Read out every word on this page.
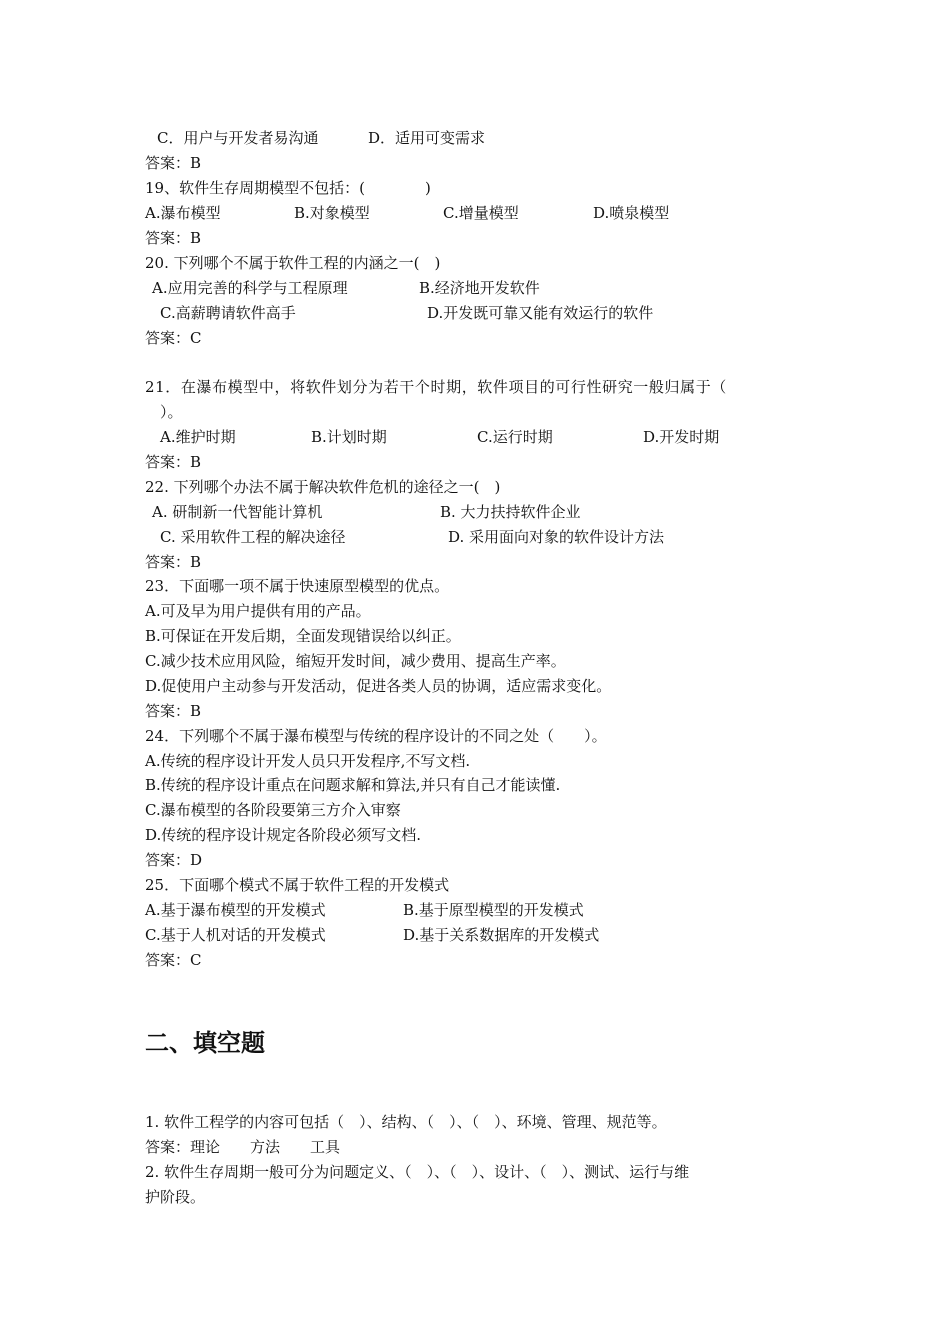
C．用户与开发者易沟通	D．适用可变需求
答案：B
19、软件生存周期模型不包括：(　　　　)
A.瀑布模型	B.对象模型	C.增量模型	D.喷泉模型
答案：B
20. 下列哪个不属于软件工程的内涵之一(　)
A.应用完善的科学与工程原理	B.经济地开发软件
C.高薪聘请软件高手	D.开发既可靠又能有效运行的软件
答案：C
21．在瀑布模型中，将软件划分为若干个时期，软件项目的可行性研究一般归属于（
）。
A.维护时期	B.计划时期	C.运行时期	D.开发时期
答案：B
22. 下列哪个办法不属于解决软件危机的途径之一(　)
A. 研制新一代智能计算机	B. 大力扶持软件企业
C. 采用软件工程的解决途径	D. 采用面向对象的软件设计方法
答案：B
23．下面哪一项不属于快速原型模型的优点。
A.可及早为用户提供有用的产品。
B.可保证在开发后期，全面发现错误给以纠正。
C.减少技术应用风险，缩短开发时间，减少费用、提高生产率。
D.促使用户主动参与开发活动，促进各类人员的协调，适应需求变化。
答案：B
24．下列哪个不属于瀑布模型与传统的程序设计的不同之处（　　）。
A.传统的程序设计开发人员只开发程序,不写文档.
B.传统的程序设计重点在问题求解和算法,并只有自己才能读懂.
C.瀑布模型的各阶段要第三方介入审察
D.传统的程序设计规定各阶段必须写文档.
答案：D
25．下面哪个模式不属于软件工程的开发模式
A.基于瀑布模型的开发模式	B.基于原型模型的开发模式
C.基于人机对话的开发模式	D.基于关系数据库的开发模式
答案：C
二、填空题
1. 软件工程学的内容可包括（　）、结构、（　）、（　）、环境、管理、规范等。
答案：理论　　方法　　工具
2. 软件生存周期一般可分为问题定义、（　）、（　）、设计、（　）、测试、运行与维
护阶段。
